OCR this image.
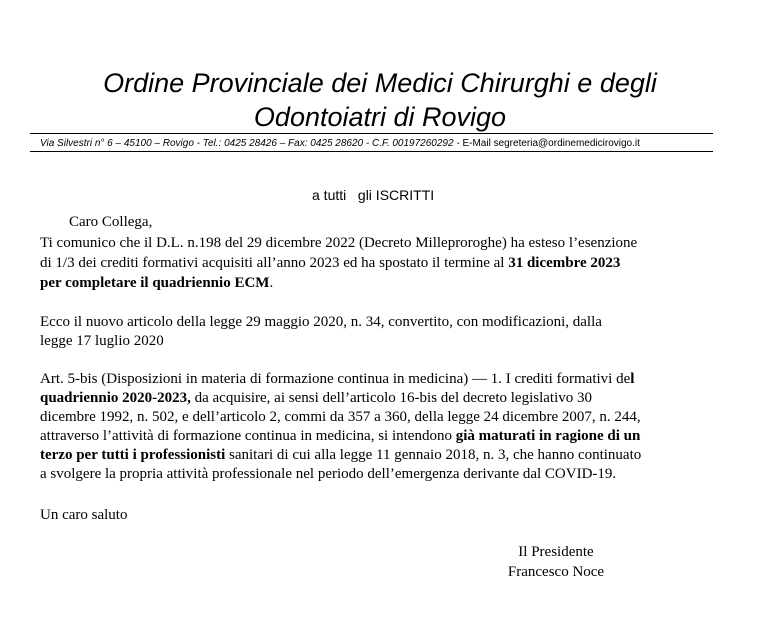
Ordine Provinciale dei Medici Chirurghi e degli
Odontoiatri di Rovigo
Via Silvestri n° 6 – 45100 – Rovigo - Tel.: 0425 28426 – Fax: 0425 28620 - C.F. 00197260292 - E-Mail segreteria@ordinemedicirovigo.it
a tutti   gli ISCRITTI
Caro Collega,
Ti comunico che il D.L. n.198 del 29 dicembre 2022 (Decreto Milleproroghe) ha esteso l’esenzione
di 1/3 dei crediti formativi acquisiti all’anno 2023 ed ha spostato il termine al 31 dicembre 2023
per completare il quadriennio ECM.
Ecco il nuovo articolo della legge 29 maggio 2020, n. 34, convertito, con modificazioni, dalla
legge 17 luglio 2020
Art. 5-bis (Disposizioni in materia di formazione continua in medicina) — 1. I crediti formativi del
quadriennio 2020-2023, da acquisire, ai sensi dell’articolo 16-bis del decreto legislativo 30
dicembre 1992, n. 502, e dell’articolo 2, commi da 357 a 360, della legge 24 dicembre 2007, n. 244,
attraverso l’attività di formazione continua in medicina, si intendono già maturati in ragione di un
terzo per tutti i professionisti sanitari di cui alla legge 11 gennaio 2018, n. 3, che hanno continuato
a svolgere la propria attività professionale nel periodo dell’emergenza derivante dal COVID-19.
Un caro saluto
Il Presidente
Francesco Noce
